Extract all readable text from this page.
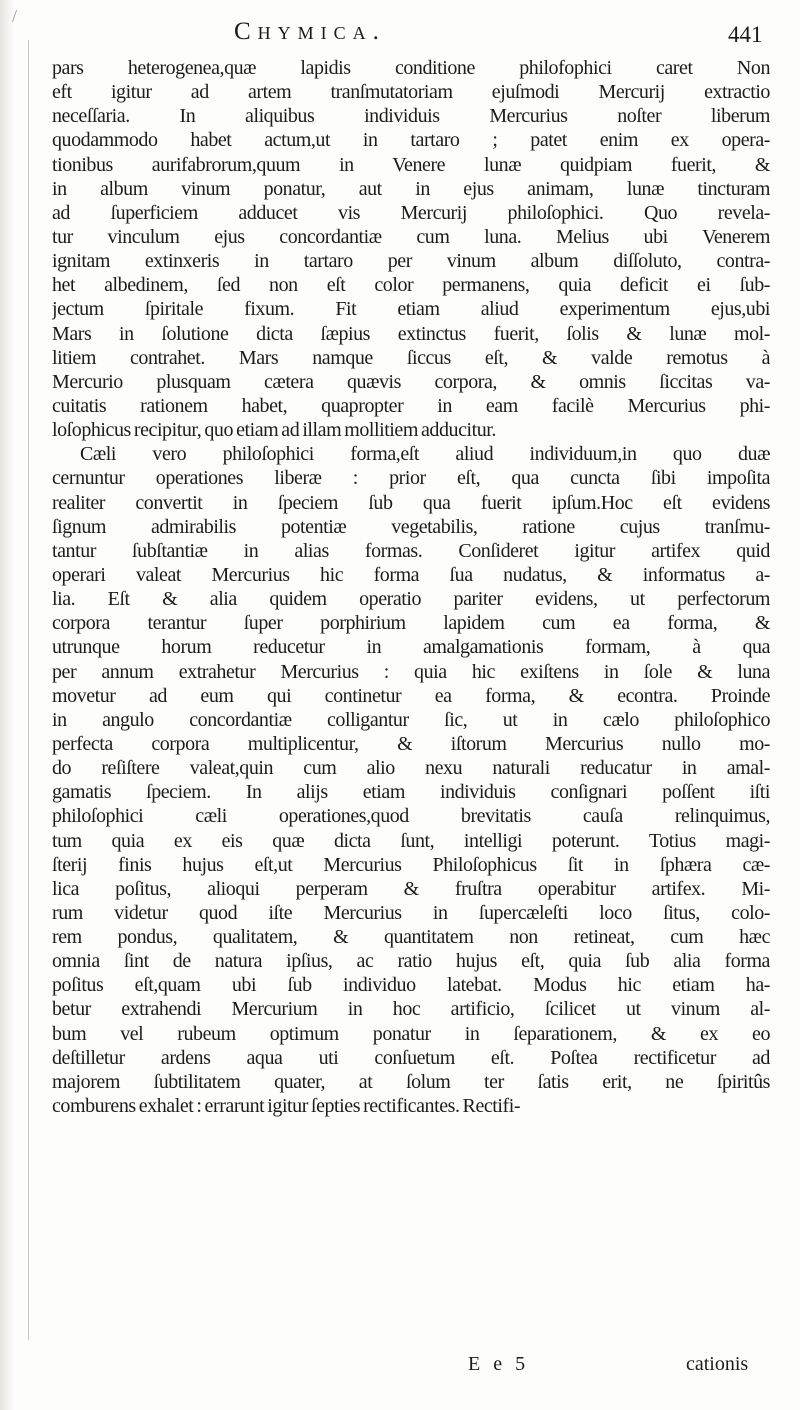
Chymica.	441
pars heterogenea,quæ lapidis conditione philofophici caret Non
eft igitur ad artem tranſmutatoriam ejuſmodi Mercurij extractio
neceſſaria. In aliquibus individuis Mercurius noſter liberum
quodammodo habet actum,ut in tartaro ; patet enim ex opera-
tionibus aurifabrorum,quum in Venere lunæ quidpiam fuerit, &
in album vinum ponatur, aut in ejus animam, lunæ tincturam
ad ſuperficiem adducet vis Mercurij philoſophici. Quo revela-
tur vinculum ejus concordantiæ cum luna. Melius ubi Venerem
ignitam extinxeris in tartaro per vinum album diſſoluto, contra-
het albedinem, ſed non eſt color permanens, quia deficit ei ſub-
jectum ſpiritale fixum. Fit etiam aliud experimentum ejus,ubi
Mars in ſolutione dicta ſæpius extinctus fuerit, ſolis & lunæ mol-
litiem contrahet. Mars namque ſiccus eſt, & valde remotus à
Mercurio plusquam cætera quævis corpora, & omnis ſiccitas va-
cuitatis rationem habet, quapropter in eam facilè Mercurius phi-
loſophicus recipitur, quo etiam ad illam mollitiem adducitur.
Cæli vero philoſophici forma,eſt aliud individuum,in quo duæ
cernuntur operationes liberæ : prior eſt, qua cuncta ſibi impoſita
realiter convertit in ſpeciem ſub qua fuerit ipſum.Hoc eſt evidens
ſignum admirabilis potentiæ vegetabilis, ratione cujus tranſmu-
tantur ſubſtantiæ in alias formas. Conſideret igitur artifex quid
operari valeat Mercurius hic forma ſua nudatus, & informatus a-
lia. Eſt & alia quidem operatio pariter evidens, ut perfectorum
corpora terantur ſuper porphirium lapidem cum ea forma, &
utrunque horum reducetur in amalgamationis formam, à qua
per annum extrahetur Mercurius : quia hic exiſtens in ſole & luna
movetur ad eum qui continetur ea forma, & econtra. Proinde
in angulo concordantiæ colligantur ſic, ut in cælo philoſophico
perfecta corpora multiplicentur, & iſtorum Mercurius nullo mo-
do reſiſtere valeat,quin cum alio nexu naturali reducatur in amal-
gamatis ſpeciem. In alijs etiam individuis conſignari poſſent iſti
philoſophici cæli operationes,quod brevitatis cauſa relinquimus,
tum quia ex eis quæ dicta ſunt, intelligi poterunt. Totius magi-
ſterij finis hujus eſt,ut Mercurius Philoſophicus ſit in ſphæra cæ-
lica poſitus, alioqui perperam & fruſtra operabitur artifex. Mi-
rum videtur quod iſte Mercurius in ſupercæleſti loco ſitus, colo-
rem pondus, qualitatem, & quantitatem non retineat, cum hæc
omnia ſint de natura ipſius, ac ratio hujus eſt, quia ſub alia forma
poſitus eſt,quam ubi ſub individuo latebat. Modus hic etiam ha-
betur extrahendi Mercurium in hoc artificio, ſcilicet ut vinum al-
bum vel rubeum optimum ponatur in ſeparationem, & ex eo
deſtilletur ardens aqua uti conſuetum eſt. Poſtea rectificetur ad
majorem ſubtilitatem quater, at ſolum ter ſatis erit, ne ſpiritûs
comburens exhalet : errarunt igitur ſepties rectificantes. Rectifi-
E e 5	cationis
/
